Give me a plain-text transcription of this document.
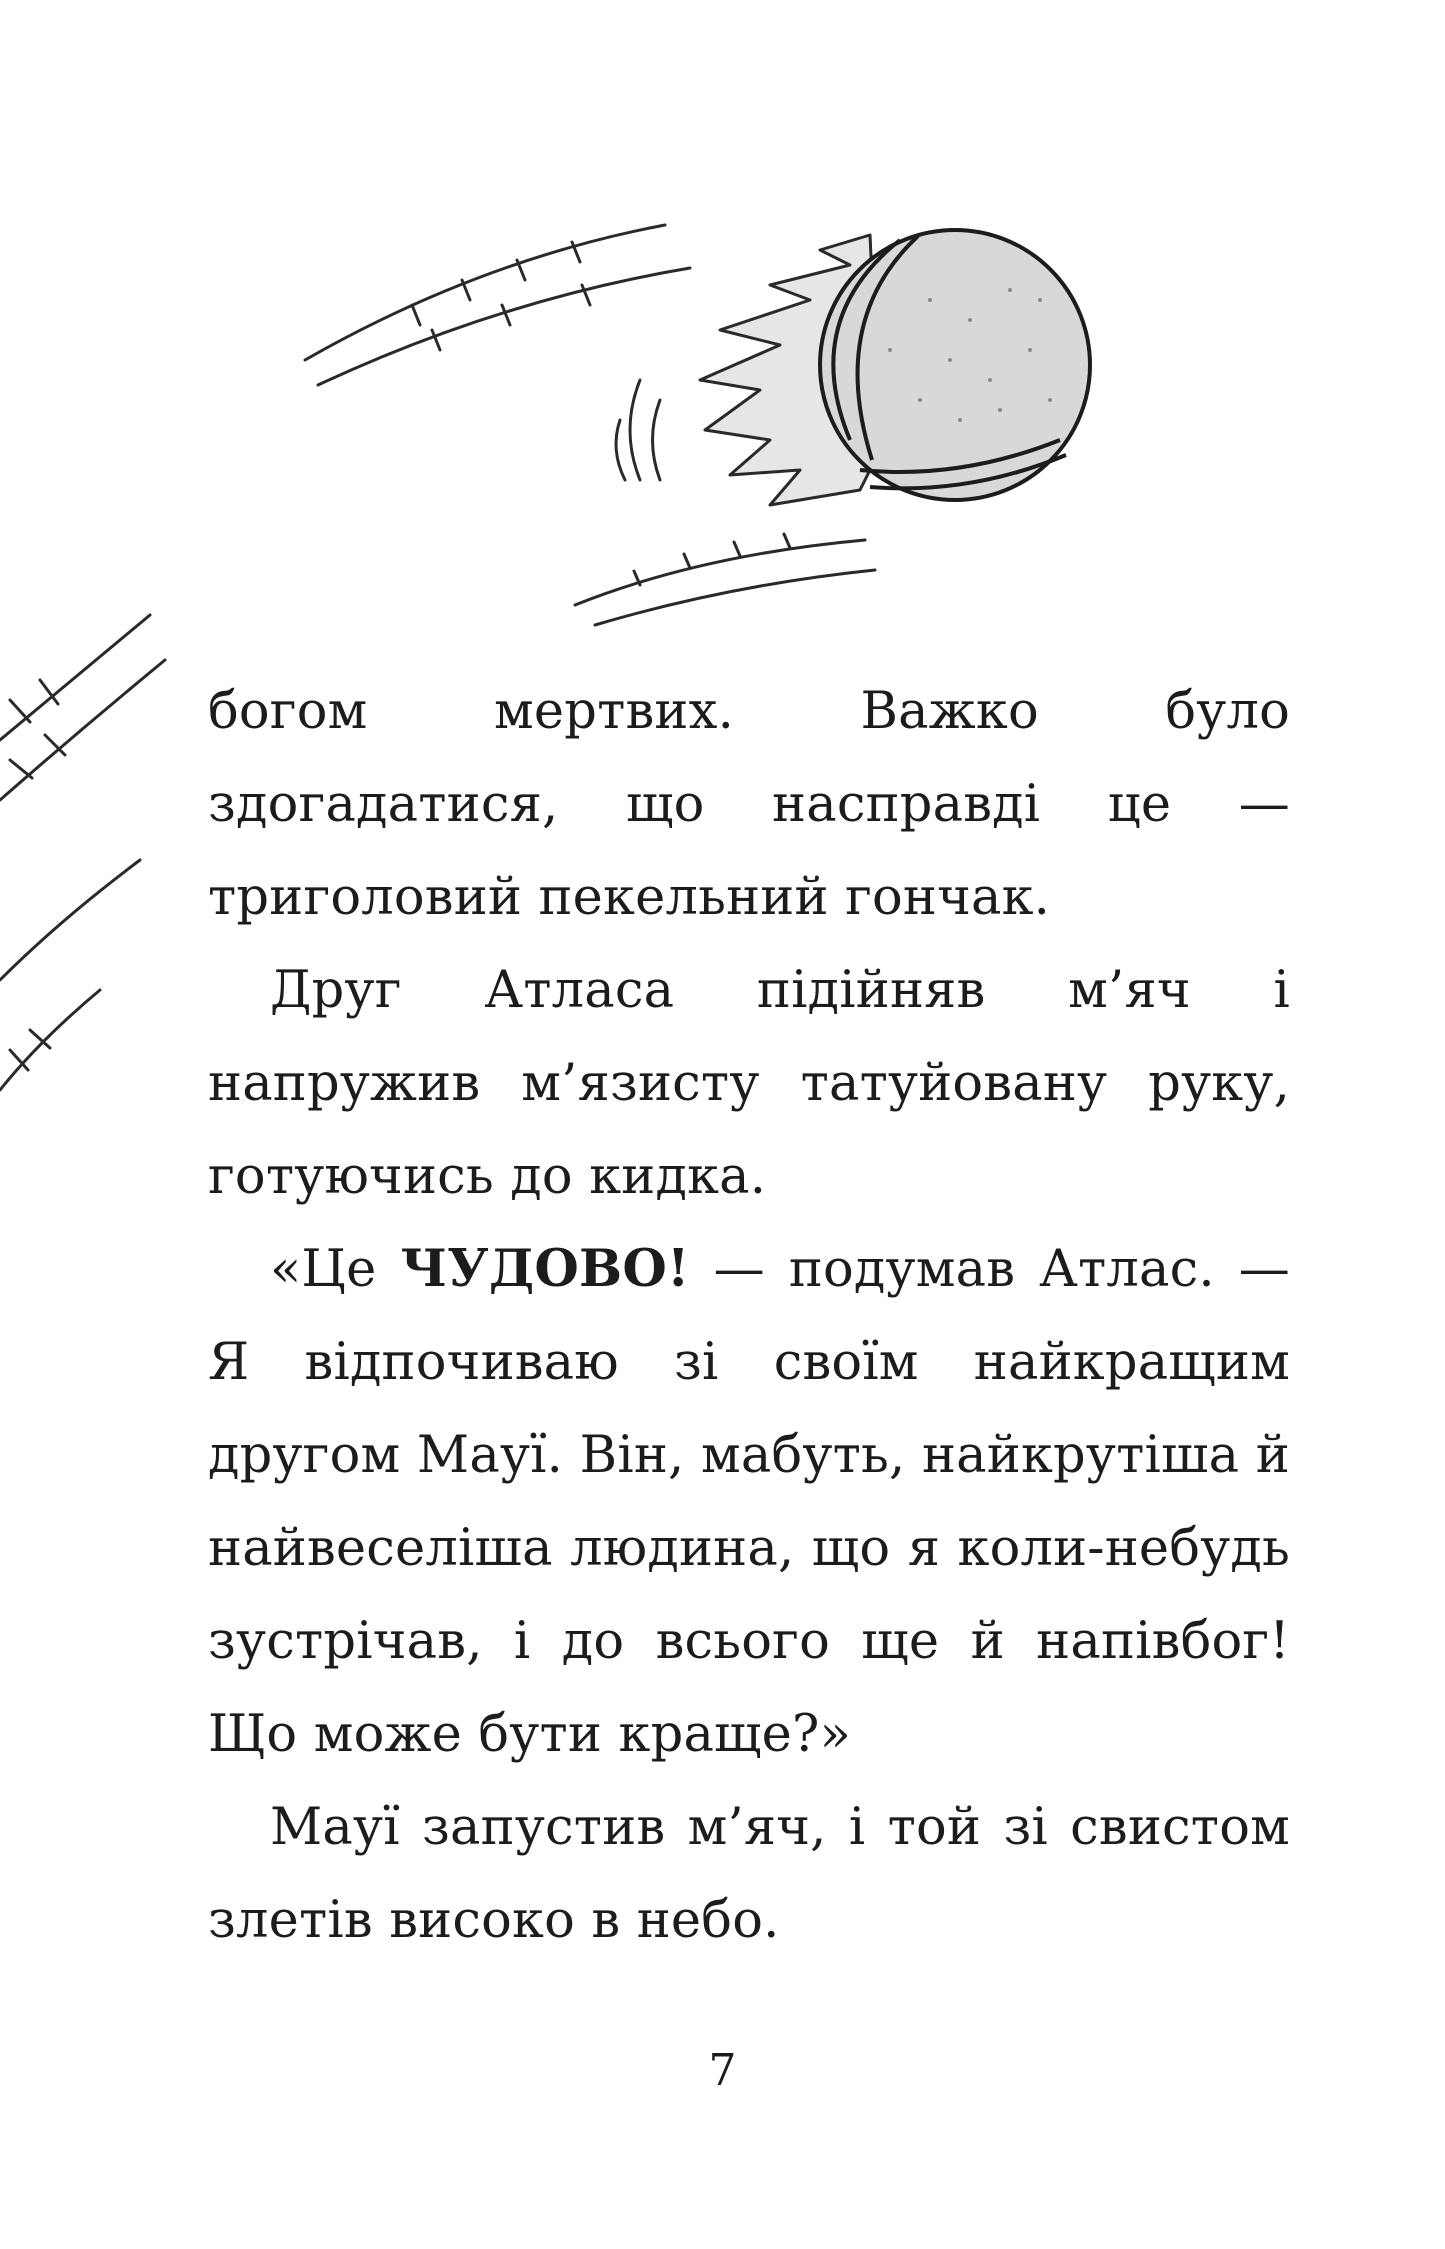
богом мертвих. Важко було здогадатися, що насправді це — триголовий пекельний гончак.

Друг Атласа підійняв м’яч і напружив м’язисту татуйовану руку, готуючись до кидка.

«Це ЧУДОВО! — подумав Атлас. — Я відпочиваю зі своїм найкращим другом Мауї. Він, мабуть, найкрутіша й найвеселіша людина, що я коли-небудь зустрічав, і до всього ще й напівбог! Що може бути краще?»

Мауї запустив м’яч, і той зі свистом злетів високо в небо.

7
